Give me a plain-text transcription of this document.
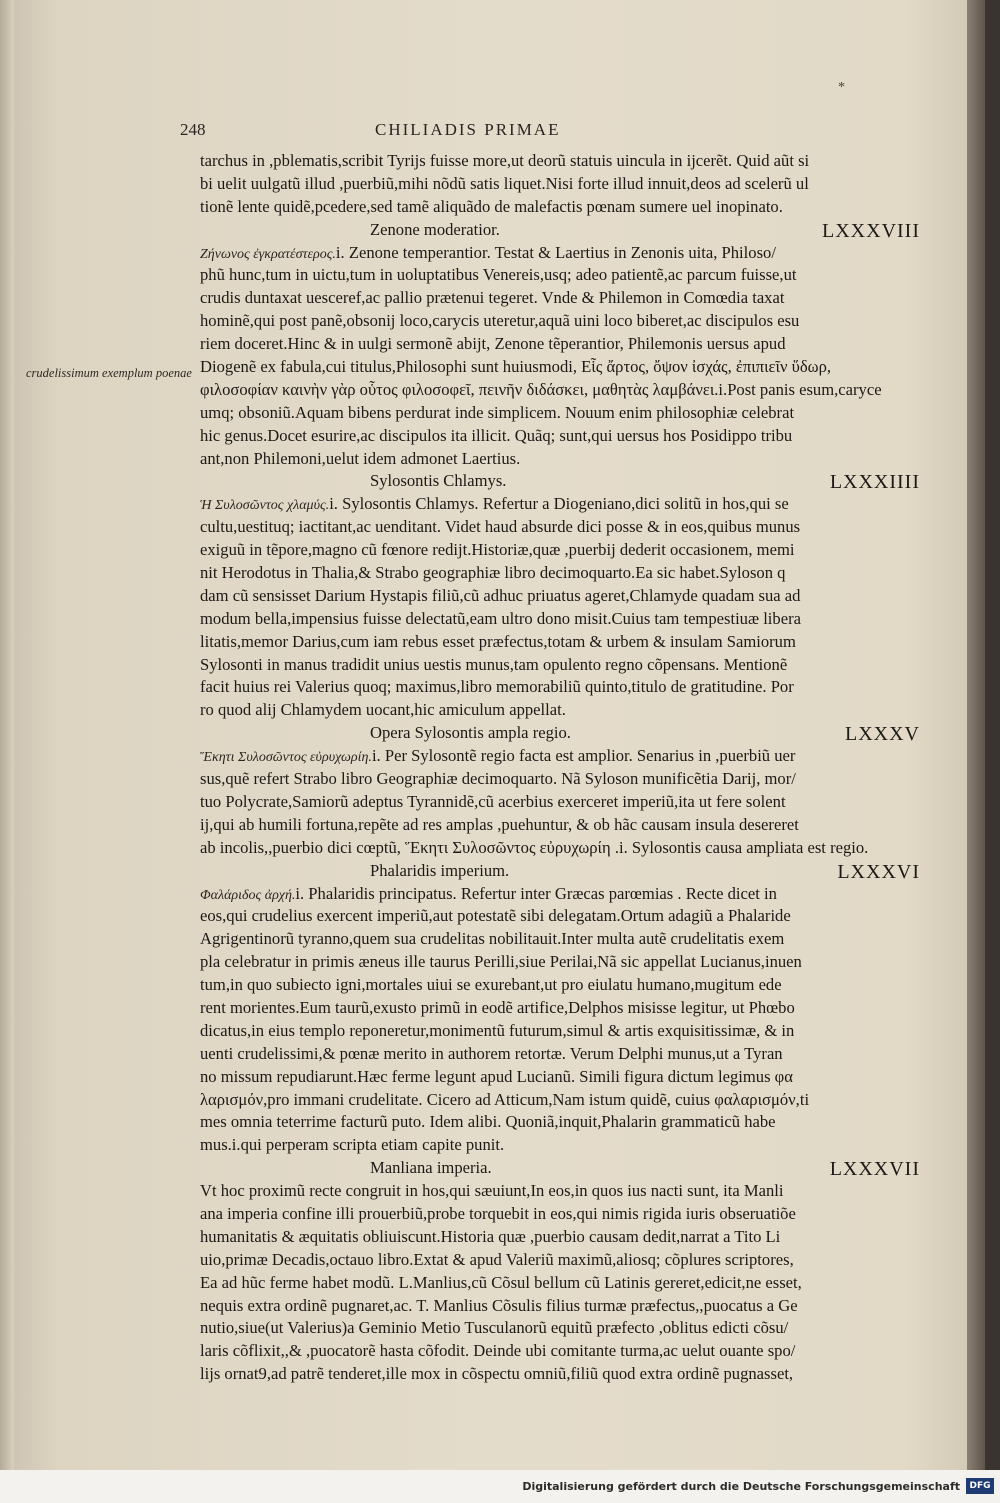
*
248	CHILIADIS PRIMAE
crudelissimum exemplum poenae
tarchus in ,pblematis,scribit Tyrijs fuisse more,ut deorũ statuis uincula in ijcerẽt. Quid aũt si
bi uelit uulgatũ illud ,puerbiũ,mihi nõdũ satis liquet.Nisi forte illud innuit,deos ad scelerũ ul
tionẽ lente quidẽ,pcedere,sed tamẽ aliquãdo de malefactis pœnam sumere uel inopinato.
Zenone moderatior.	LXXXVIII
Ζήνωνος ἐγκρατέστερος.i. Zenone temperantior. Testat & Laertius in Zenonis uita, Philoso/
phũ hunc,tum in uictu,tum in uoluptatibus Venereis,usq; adeo patientẽ,ac parcum fuisse,ut
crudis duntaxat uesceref,ac pallio prætenui tegeret. Vnde & Philemon in Comœdia taxat
hominẽ,qui post panẽ,obsonij loco,carycis uteretur,aquã uini loco biberet,ac discipulos esu
riem doceret.Hinc & in uulgi sermonẽ abijt, Zenone tẽperantior, Philemonis uersus apud
Diogenẽ ex fabula,cui titulus,Philosophi sunt huiusmodi, Εἷς ἄρτος, ὄψον ἰσχάς, ἐπιπιεῖν ὕδωρ,
φιλοσοφίαν καινὴν γὰρ οὗτος φιλοσοφεῖ, πεινῆν διδάσκει, μαθητὰς λαμβάνει.i.Post panis esum,caryce
umq; obsoniũ.Aquam bibens perdurat inde simplicem. Nouum enim philosophiæ celebrat
hic genus.Docet esurire,ac discipulos ita illicit. Quãq; sunt,qui uersus hos Posidippo tribu
ant,non Philemoni,uelut idem admonet Laertius.
Sylosontis Chlamys.	LXXXIIII
Ἡ Συλοσῶντος χλαμύς.i. Sylosontis Chlamys. Refertur a Diogeniano,dici solitũ in hos,qui se
cultu,uestituq; iactitant,ac uenditant. Videt haud absurde dici posse & in eos,quibus munus
exiguũ in tẽpore,magno cũ fœnore redijt.Historiæ,quæ ,puerbij dederit occasionem, memi
nit Herodotus in Thalia,& Strabo geographiæ libro decimoquarto.Ea sic habet.Syloson q
dam cũ sensisset Darium Hystapis filiũ,cũ adhuc priuatus ageret,Chlamyde quadam sua ad
modum bella,impensius fuisse delectatũ,eam ultro dono misit.Cuius tam tempestiuæ libera
litatis,memor Darius,cum iam rebus esset præfectus,totam & urbem & insulam Samiorum
Sylosonti in manus tradidit unius uestis munus,tam opulento regno cõpensans. Mentionẽ
facit huius rei Valerius quoq; maximus,libro memorabiliũ quinto,titulo de gratitudine. Por
ro quod alij Chlamydem uocant,hic amiculum appellat.
Opera Sylosontis ampla regio.	LXXXV
Ἕκητι Συλοσῶντος εὐρυχωρίη.i. Per Sylosontẽ regio facta est amplior. Senarius in ,puerbiũ uer
sus,quẽ refert Strabo libro Geographiæ decimoquarto. Nã Syloson munificẽtia Darij, mor/
tuo Polycrate,Samiorũ adeptus Tyrannidẽ,cũ acerbius exerceret imperiũ,ita ut fere solent
ij,qui ab humili fortuna,repẽte ad res amplas ,puehuntur, & ob hãc causam insula desereret
ab incolis,,puerbio dici cœptũ, Ἕκητι Συλοσῶντος εὐρυχωρίη .i. Sylosontis causa ampliata est regio.
Phalaridis imperium.	LXXXVI
Φαλάριδος ἀρχή.i. Phalaridis principatus. Refertur inter Græcas parœmias . Recte dicet in
eos,qui crudelius exercent imperiũ,aut potestatẽ sibi delegatam.Ortum adagiũ a Phalaride
Agrigentinorũ tyranno,quem sua crudelitas nobilitauit.Inter multa autẽ crudelitatis exem
pla celebratur in primis æneus ille taurus Perilli,siue Perilai,Nã sic appellat Lucianus,inuen
tum,in quo subiecto igni,mortales uiui se exurebant,ut pro eiulatu humano,mugitum ede
rent morientes.Eum taurũ,exusto primũ in eodẽ artifice,Delphos misisse legitur, ut Phœbo
dicatus,in eius templo reponeretur,monimentũ futurum,simul & artis exquisitissimæ, & in
uenti crudelissimi,& pœnæ merito in authorem retortæ. Verum Delphi munus,ut a Tyran
no missum repudiarunt.Hæc ferme legunt apud Lucianũ. Simili figura dictum legimus φα
λαρισμόν,pro immani crudelitate. Cicero ad Atticum,Nam istum quidẽ, cuius φαλαρισμόν,ti
mes omnia teterrime facturũ puto. Idem alibi. Quoniã,inquit,Phalarin grammaticũ habe
mus.i.qui perperam scripta etiam capite punit.
Manliana imperia.	LXXXVII
Vt hoc proximũ recte congruit in hos,qui sæuiunt,In eos,in quos ius nacti sunt, ita Manli
ana imperia confine illi prouerbiũ,probe torquebit in eos,qui nimis rigida iuris obseruatiõe
humanitatis & æquitatis obliuiscunt.Historia quæ ,puerbio causam dedit,narrat a Tito Li
uio,primæ Decadis,octauo libro.Extat & apud Valeriũ maximũ,aliosq; cõplures scriptores,
Ea ad hũc ferme habet modũ. L.Manlius,cũ Cõsul bellum cũ Latinis gereret,edicit,ne esset,
nequis extra ordinẽ pugnaret,ac. T. Manlius Cõsulis filius turmæ præfectus,,puocatus a Ge
nutio,siue(ut Valerius)a Geminio Metio Tusculanorũ equitũ præfecto ,oblitus edicti cõsu/
laris cõflixit,,& ,puocatorẽ hasta cõfodit. Deinde ubi comitante turma,ac uelut ouante spo/
lijs ornat9,ad patrẽ tenderet,ille mox in cõspectu omniũ,filiũ quod extra ordinẽ pugnasset,
Digitalisierung gefördert durch die Deutsche Forschungsgemeinschaft	DFG
